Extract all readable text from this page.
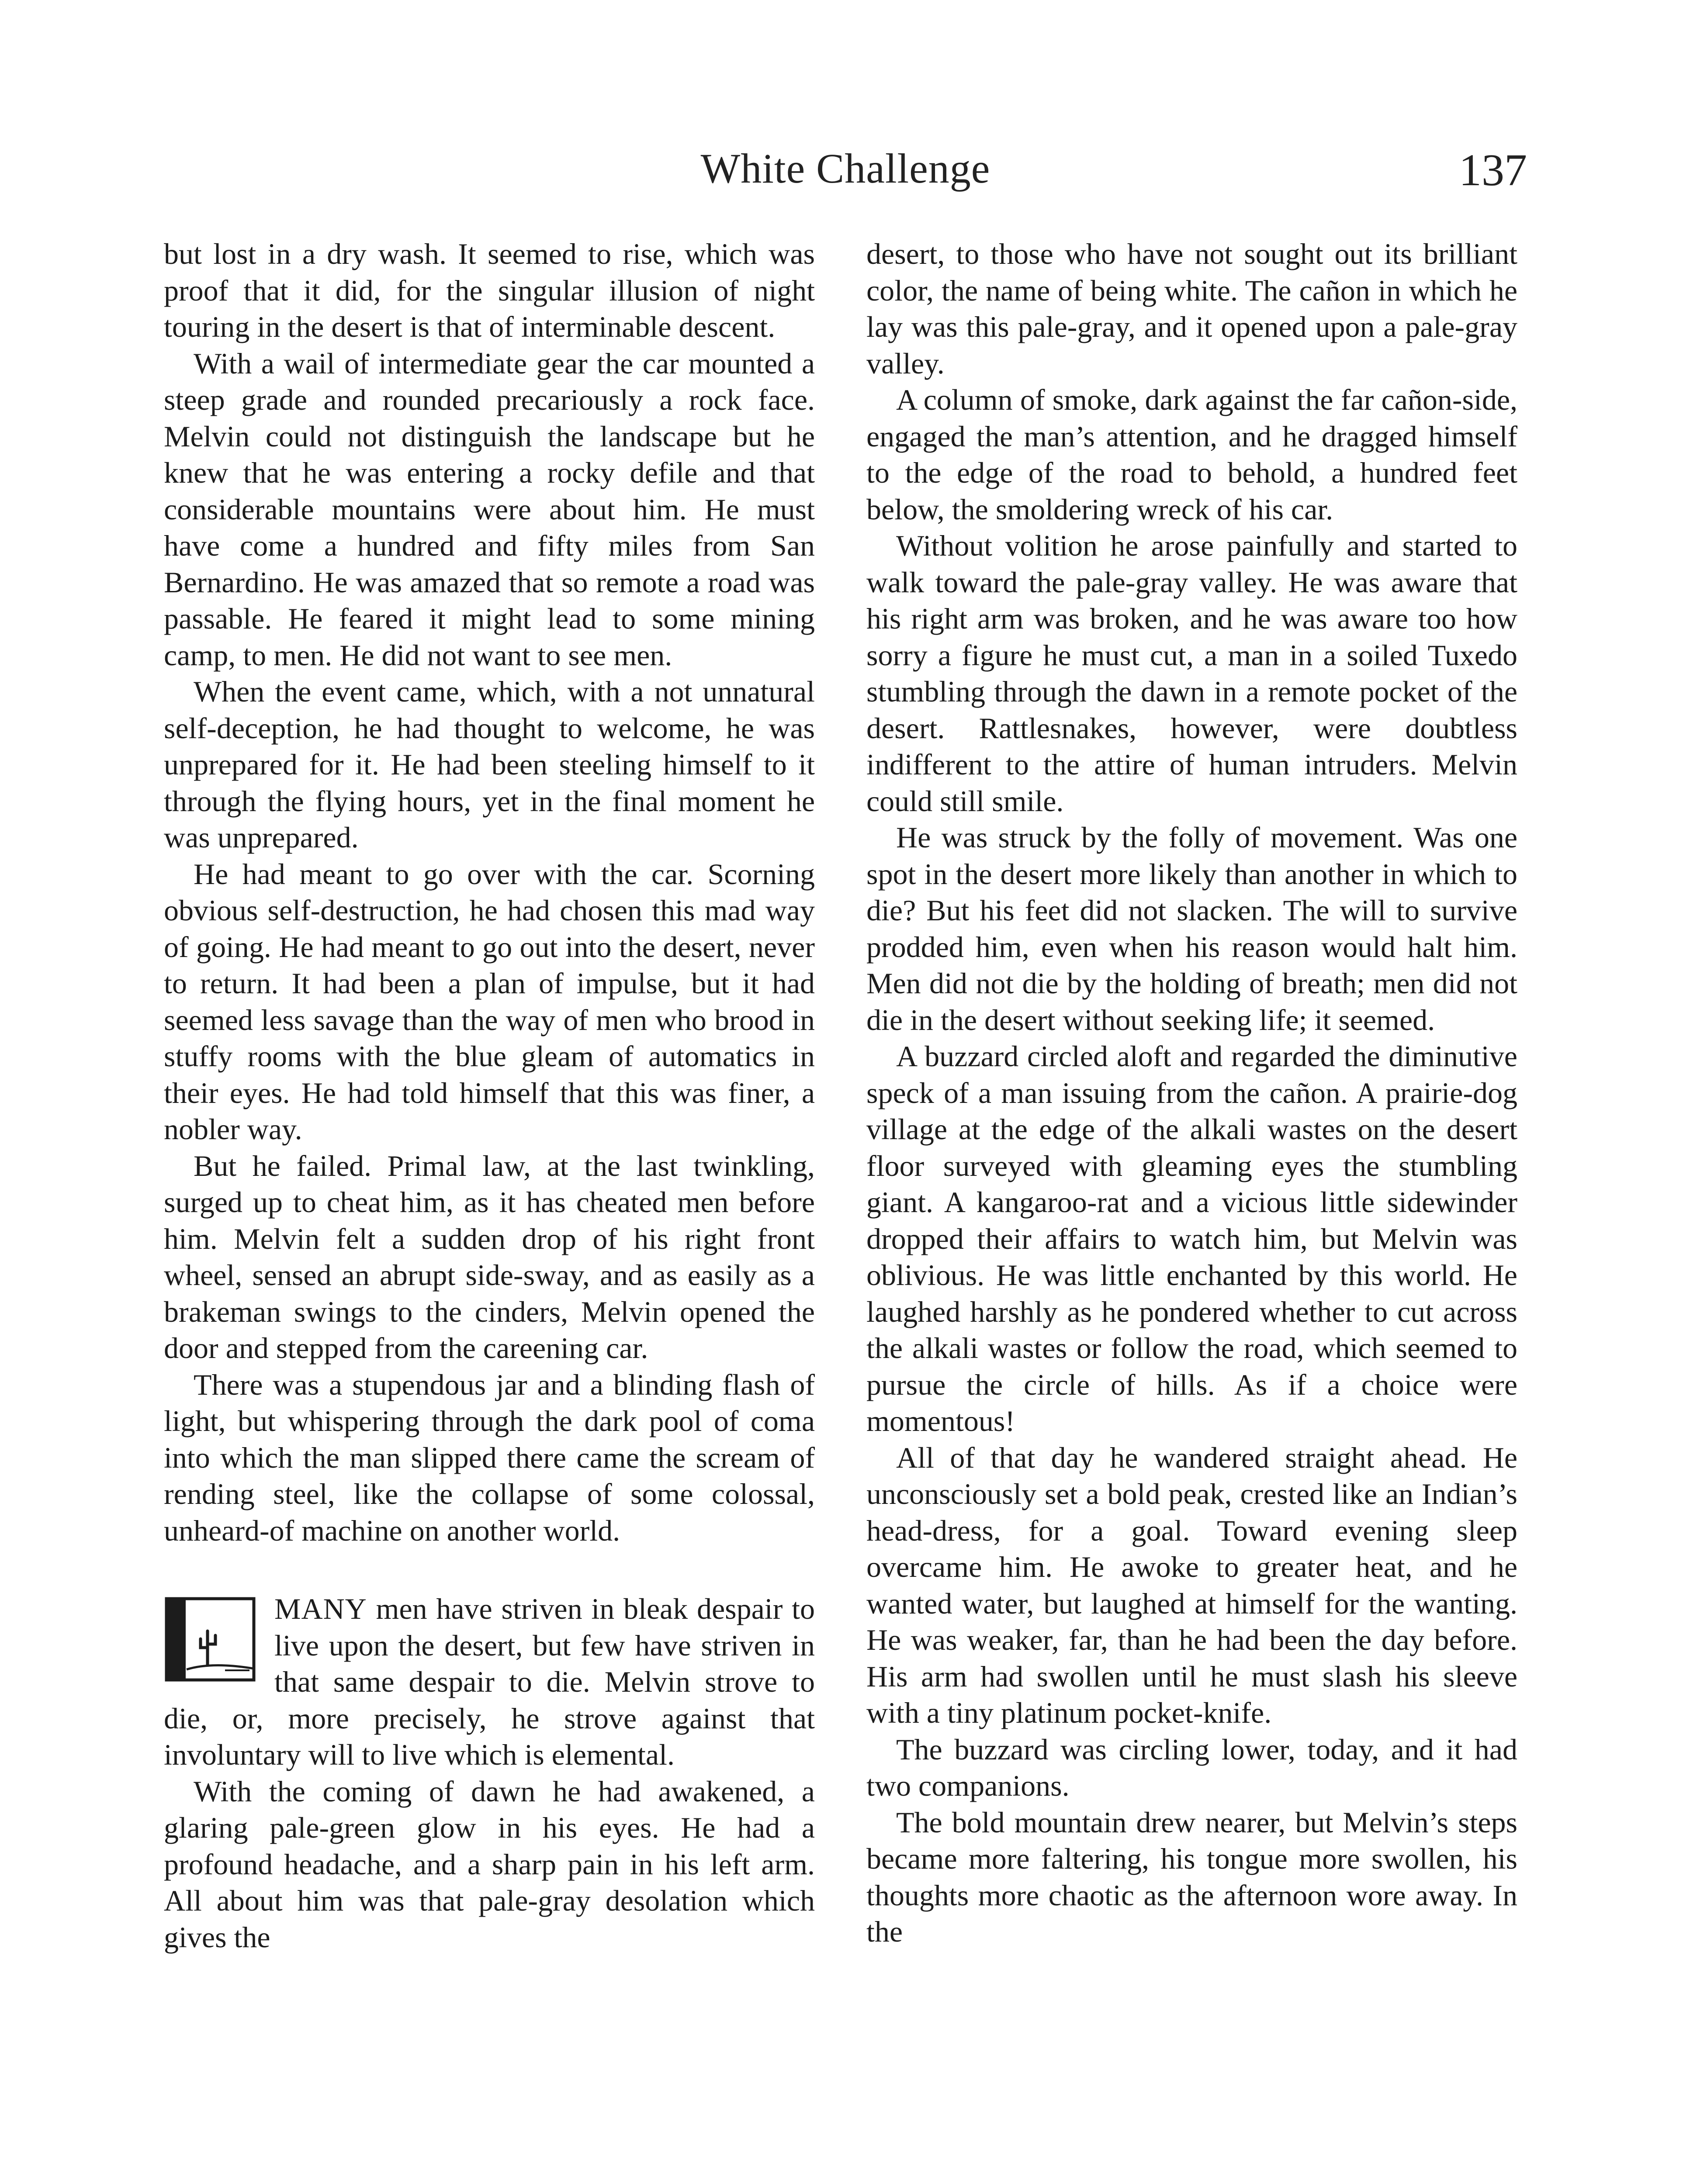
White Challenge	137

but lost in a dry wash. It seemed to rise, which was proof that it did, for the singular illusion of night touring in the desert is that of interminable descent.

With a wail of intermediate gear the car mounted a steep grade and rounded precariously a rock face. Melvin could not distinguish the landscape but he knew that he was entering a rocky defile and that considerable mountains were about him. He must have come a hundred and fifty miles from San Bernardino. He was amazed that so remote a road was passable. He feared it might lead to some mining camp, to men. He did not want to see men.

When the event came, which, with a not unnatural self-deception, he had thought to welcome, he was unprepared for it. He had been steeling himself to it through the flying hours, yet in the final moment he was unprepared.

He had meant to go over with the car. Scorning obvious self-destruction, he had chosen this mad way of going. He had meant to go out into the desert, never to return. It had been a plan of impulse, but it had seemed less savage than the way of men who brood in stuffy rooms with the blue gleam of automatics in their eyes. He had told himself that this was finer, a nobler way.

But he failed. Primal law, at the last twinkling, surged up to cheat him, as it has cheated men before him. Melvin felt a sudden drop of his right front wheel, sensed an abrupt side-sway, and as easily as a brakeman swings to the cinders, Melvin opened the door and stepped from the careening car.

There was a stupendous jar and a blinding flash of light, but whispering through the dark pool of coma into which the man slipped there came the scream of rending steel, like the collapse of some colossal, unheard-of machine on another world.

MANY men have striven in bleak despair to live upon the desert, but few have striven in that same despair to die. Melvin strove to die, or, more precisely, he strove against that involuntary will to live which is elemental.

With the coming of dawn he had awakened, a glaring pale-green glow in his eyes. He had a profound headache, and a sharp pain in his left arm. All about him was that pale-gray desolation which gives the

desert, to those who have not sought out its brilliant color, the name of being white. The cañon in which he lay was this pale-gray, and it opened upon a pale-gray valley.

A column of smoke, dark against the far cañon-side, engaged the man’s attention, and he dragged himself to the edge of the road to behold, a hundred feet below, the smoldering wreck of his car.

Without volition he arose painfully and started to walk toward the pale-gray valley. He was aware that his right arm was broken, and he was aware too how sorry a figure he must cut, a man in a soiled Tuxedo stumbling through the dawn in a remote pocket of the desert. Rattlesnakes, however, were doubtless indifferent to the attire of human intruders. Melvin could still smile.

He was struck by the folly of movement. Was one spot in the desert more likely than another in which to die? But his feet did not slacken. The will to survive prodded him, even when his reason would halt him. Men did not die by the holding of breath; men did not die in the desert without seeking life; it seemed.

A buzzard circled aloft and regarded the diminutive speck of a man issuing from the cañon. A prairie-dog village at the edge of the alkali wastes on the desert floor surveyed with gleaming eyes the stumbling giant. A kangaroo-rat and a vicious little sidewinder dropped their affairs to watch him, but Melvin was oblivious. He was little enchanted by this world. He laughed harshly as he pondered whether to cut across the alkali wastes or follow the road, which seemed to pursue the circle of hills. As if a choice were momentous!

All of that day he wandered straight ahead. He unconsciously set a bold peak, crested like an Indian’s head-dress, for a goal. Toward evening sleep overcame him. He awoke to greater heat, and he wanted water, but laughed at himself for the wanting. He was weaker, far, than he had been the day before. His arm had swollen until he must slash his sleeve with a tiny platinum pocket-knife.

The buzzard was circling lower, today, and it had two companions.

The bold mountain drew nearer, but Melvin’s steps became more faltering, his tongue more swollen, his thoughts more chaotic as the afternoon wore away. In the
